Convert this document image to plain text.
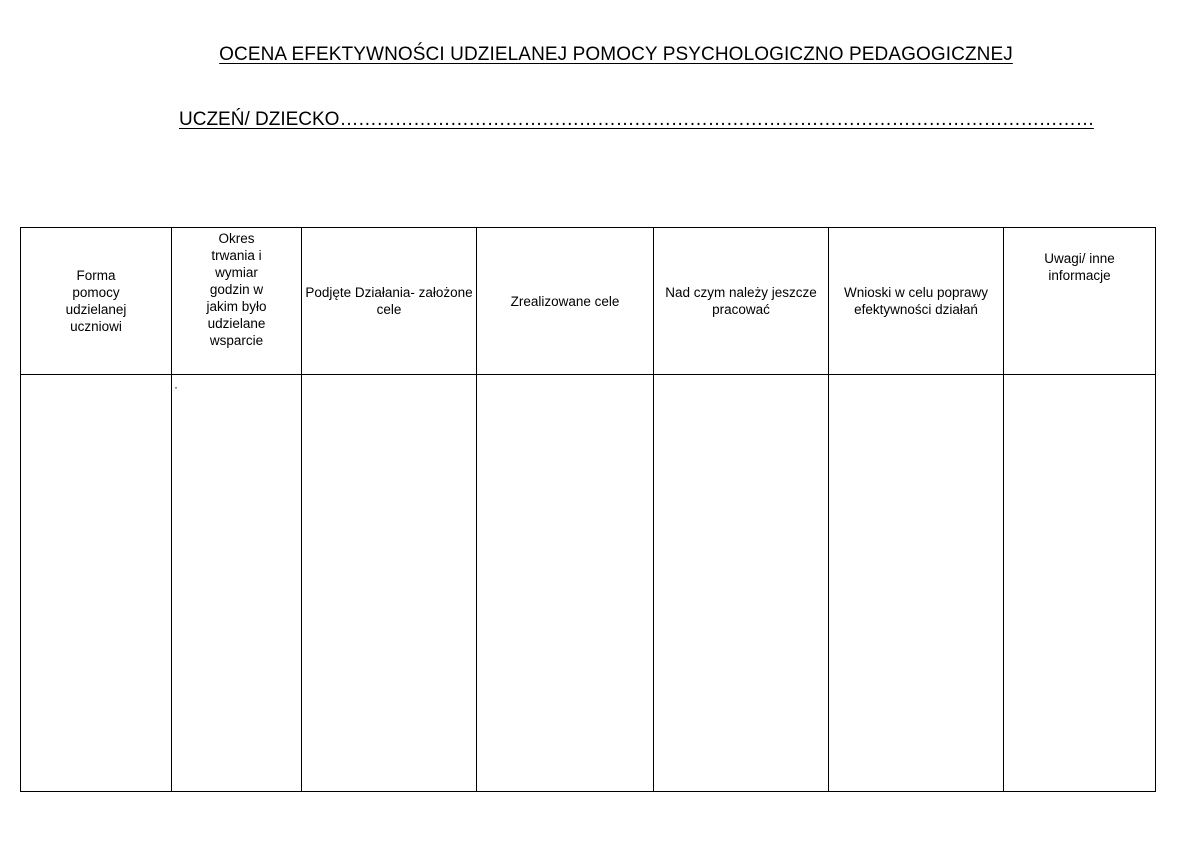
OCENA EFEKTYWNOŚCI UDZIELANEJ POMOCY PSYCHOLOGICZNO PEDAGOGICZNEJ
UCZEŃ/ DZIECKO……………………………………………………………………………………………………………
Forma pomocy udzielanej uczniowi	Okres trwania i wymiar godzin w jakim było udzielane wsparcie	Podjęte Działania- założone cele	Zrealizowane cele	Nad czym należy jeszcze pracować	Wnioski w celu poprawy efektywności działań	Uwagi/ inne informacje

	·					
